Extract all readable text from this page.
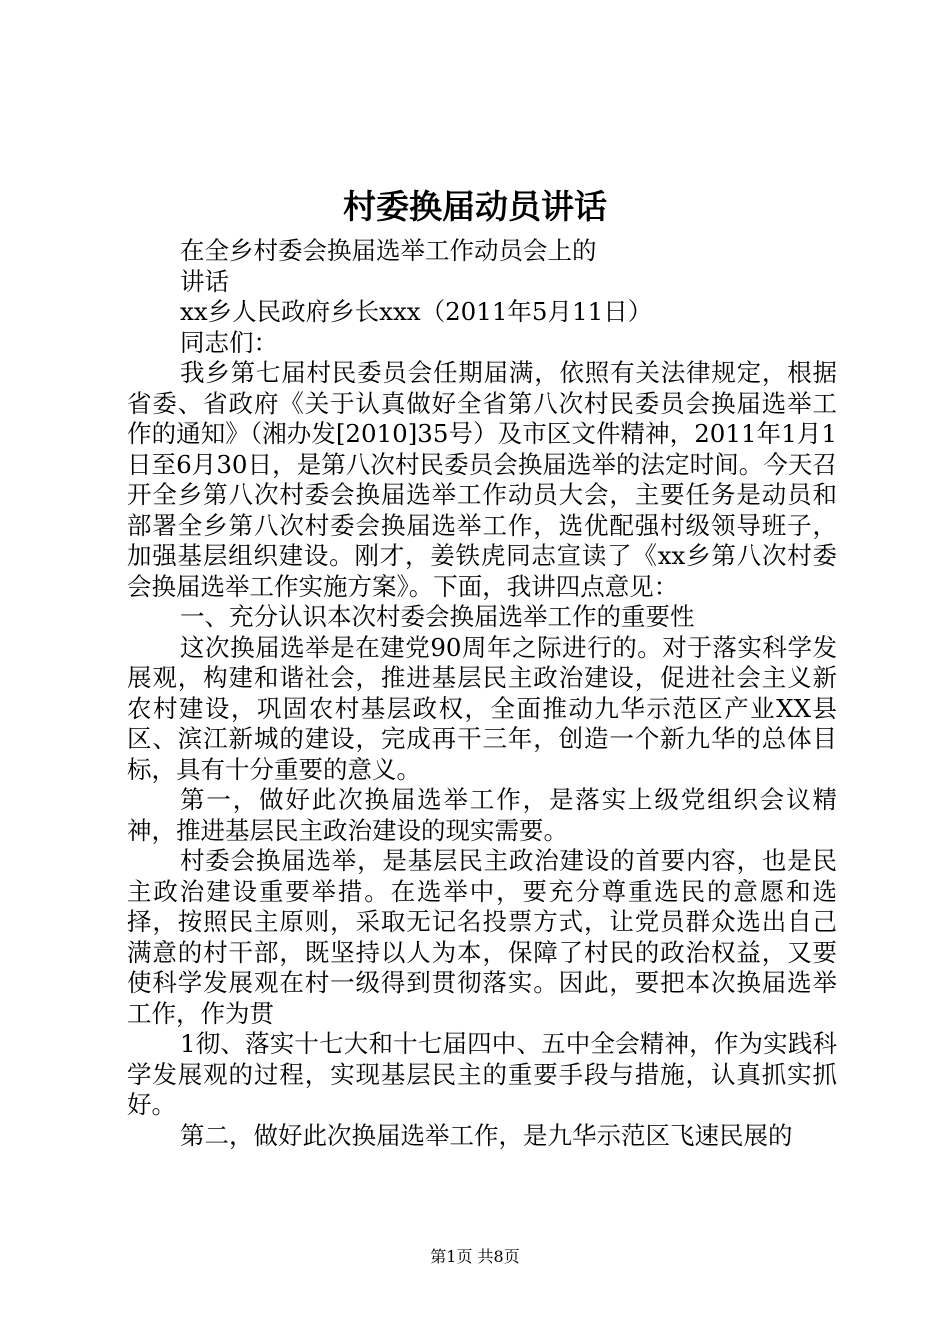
村委换届动员讲话

在全乡村委会换届选举工作动员会上的

讲话

xx乡人民政府乡长xxx（2011年5月11日）

同志们：

我乡第七届村民委员会任期届满，依照有关法律规定，根据省委、省政府《关于认真做好全省第八次村民委员会换届选举工作的通知》（湘办发[2010]35号）及市区文件精神，2011年1月1日至6月30日，是第八次村民委员会换届选举的法定时间。今天召开全乡第八次村委会换届选举工作动员大会，主要任务是动员和部署全乡第八次村委会换届选举工作，选优配强村级领导班子，加强基层组织建设。刚才，姜铁虎同志宣读了《xx乡第八次村委会换届选举工作实施方案》。下面，我讲四点意见：

一、充分认识本次村委会换届选举工作的重要性

这次换届选举是在建党90周年之际进行的。对于落实科学发展观，构建和谐社会，推进基层民主政治建设，促进社会主义新农村建设，巩固农村基层政权，全面推动九华示范区产业XX县区、滨江新城的建设，完成再干三年，创造一个新九华的总体目标，具有十分重要的意义。

第一，做好此次换届选举工作，是落实上级党组织会议精神，推进基层民主政治建设的现实需要。

村委会换届选举，是基层民主政治建设的首要内容，也是民主政治建设重要举措。在选举中，要充分尊重选民的意愿和选择，按照民主原则，采取无记名投票方式，让党员群众选出自己满意的村干部，既坚持以人为本，保障了村民的政治权益，又要使科学发展观在村一级得到贯彻落实。因此，要把本次换届选举工作，作为贯

1彻、落实十七大和十七届四中、五中全会精神，作为实践科学发展观的过程，实现基层民主的重要手段与措施，认真抓实抓好。

第二，做好此次换届选举工作，是九华示范区飞速民展的

第1页 共8页
